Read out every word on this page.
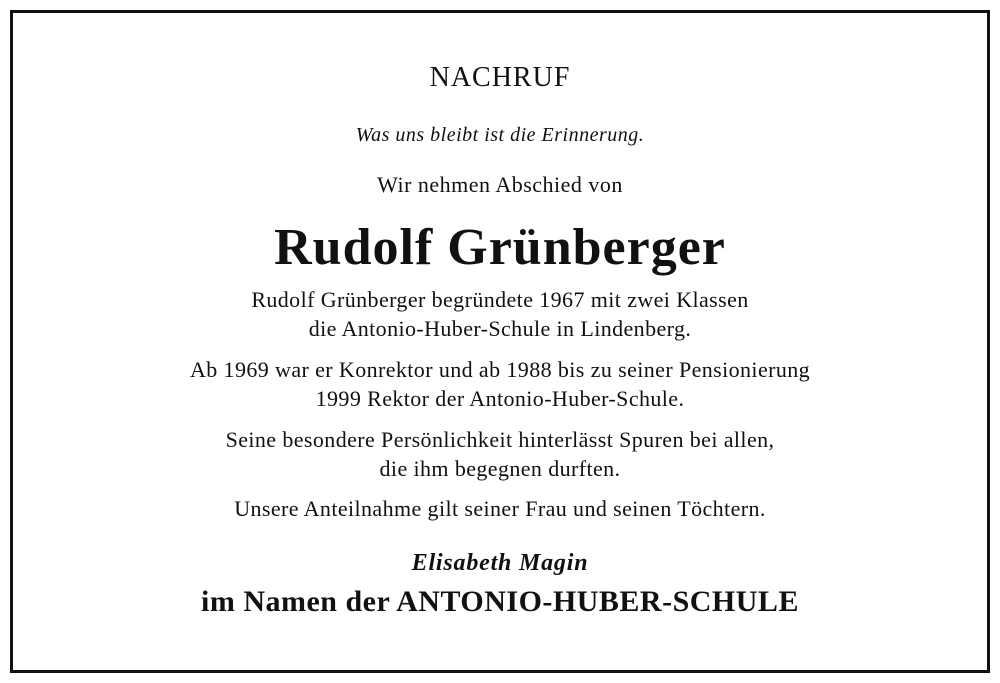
NACHRUF
Was uns bleibt ist die Erinnerung.
Wir nehmen Abschied von
Rudolf Grünberger
Rudolf Grünberger begründete 1967 mit zwei Klassen
die Antonio-Huber-Schule in Lindenberg.
Ab 1969 war er Konrektor und ab 1988 bis zu seiner Pensionierung
1999 Rektor der Antonio-Huber-Schule.
Seine besondere Persönlichkeit hinterlässt Spuren bei allen,
die ihm begegnen durften.
Unsere Anteilnahme gilt seiner Frau und seinen Töchtern.
Elisabeth Magin
im Namen der ANTONIO-HUBER-SCHULE
